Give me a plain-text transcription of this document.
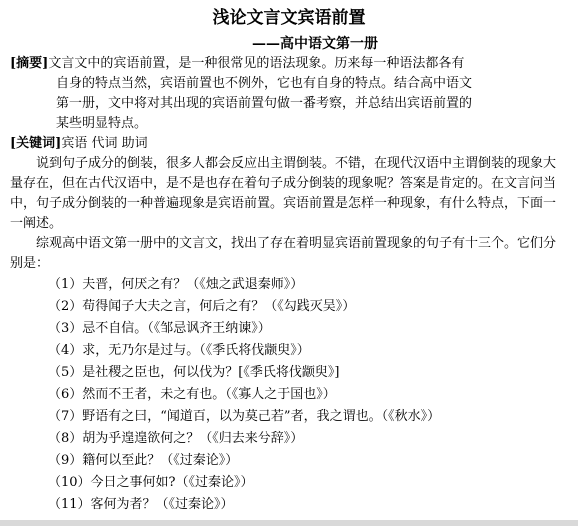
浅论文言文宾语前置
——高中语文第一册
[摘要]文言文中的宾语前置，是一种很常见的语法现象。历来每一种语法都各有
自身的特点当然，宾语前置也不例外，它也有自身的特点。结合高中语文
第一册，文中将对其出现的宾语前置句做一番考察，并总结出宾语前置的
某些明显特点。
[关键词]宾语 代词 助词

说到句子成分的倒装，很多人都会反应出主谓倒装。不错，在现代汉语中主谓倒装的现象大量存在，但在古代汉语中，是不是也存在着句子成分倒装的现象呢？答案是肯定的。在文言问当中，句子成分倒装的一种普遍现象是宾语前置。宾语前置是怎样一种现象，有什么特点，下面一一阐述。

综观高中语文第一册中的文言文，找出了存在着明显宾语前置现象的句子有十三个。它们分别是：

（1）夫晋，何厌之有？（《烛之武退秦师》）
（2）苟得闻子大夫之言，何后之有？（《勾践灭吴》）
（3）忌不自信。（《邹忌讽齐王纳谏》）
（4）求，无乃尔是过与。（《季氏将伐颛臾》）
（5）是社稷之臣也，何以伐为？[《季氏将伐颛臾》]
（6）然而不王者，未之有也。（《寡人之于国也》）
（7）野语有之曰，“闻道百，以为莫己若”者，我之谓也。（《秋水》）
（8）胡为乎遑遑欲何之？（《归去来兮辞》）
（9）籍何以至此？（《过秦论》）
（10）今日之事何如?（《过秦论》）
（11）客何为者？（《过秦论》）
